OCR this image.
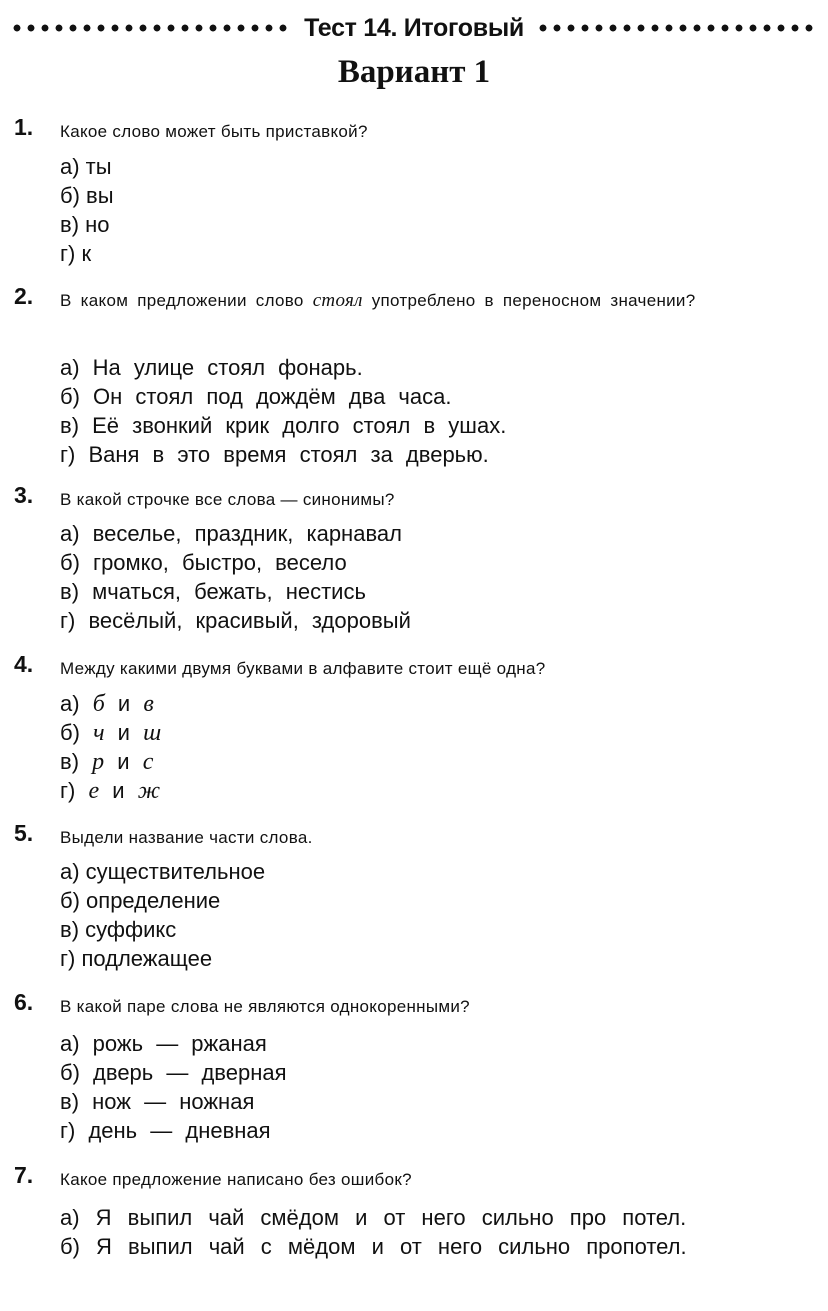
Тест 14. Итоговый
Вариант 1
1. Какое слово может быть приставкой?
а) ты
б) вы
в) но
г) к
2. В каком предложении слово стоял употреблено в переносном значении?
а) На улице стоял фонарь.
б) Он стоял под дождём два часа.
в) Её звонкий крик долго стоял в ушах.
г) Ваня в это время стоял за дверью.
3. В какой строчке все слова — синонимы?
а) веселье, праздник, карнавал
б) громко, быстро, весело
в) мчаться, бежать, нестись
г) весёлый, красивый, здоровый
4. Между какими двумя буквами в алфавите стоит ещё одна?
а) б и в
б) ч и ш
в) р и с
г) е и ж
5. Выдели название части слова.
а) существительное
б) определение
в) суффикс
г) подлежащее
6. В какой паре слова не являются однокоренными?
а) рожь — ржаная
б) дверь — дверная
в) нож — ножная
г) день — дневная
7. Какое предложение написано без ошибок?
а) Я выпил чай смёдом и от него сильно про потел.
б) Я выпил чай с мёдом и от него сильно пропотел.
